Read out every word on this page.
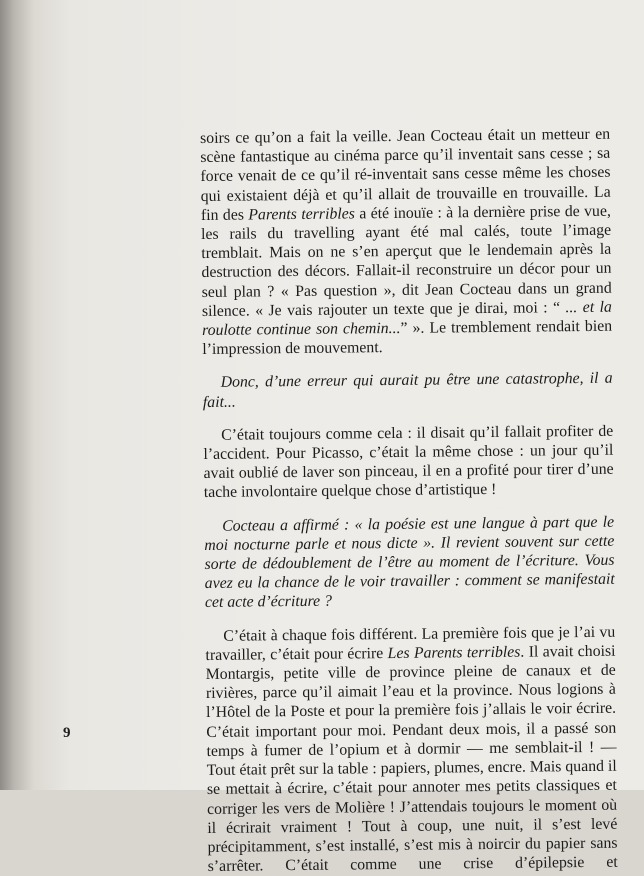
soirs ce qu’on a fait la veille. Jean Cocteau était un metteur en scène fantastique au cinéma parce qu’il inventait sans cesse ; sa force venait de ce qu’il ré-inventait sans cesse même les choses qui existaient déjà et qu’il allait de trouvaille en trouvaille. La fin des Parents terribles a été inouïe : à la dernière prise de vue, les rails du travelling ayant été mal calés, toute l’image tremblait. Mais on ne s’en aperçut que le lendemain après la destruction des décors. Fallait-il reconstruire un décor pour un seul plan ? « Pas question », dit Jean Cocteau dans un grand silence. « Je vais rajouter un texte que je dirai, moi : “ ... et la roulotte continue son chemin...” ». Le tremblement rendait bien l’impression de mouvement.

Donc, d’une erreur qui aurait pu être une catastrophe, il a fait...

C’était toujours comme cela : il disait qu’il fallait profiter de l’accident. Pour Picasso, c’était la même chose : un jour qu’il avait oublié de laver son pinceau, il en a profité pour tirer d’une tache involontaire quelque chose d’artistique !

Cocteau a affirmé : « la poésie est une langue à part que le moi nocturne parle et nous dicte ». Il revient souvent sur cette sorte de dédoublement de l’être au moment de l’écriture. Vous avez eu la chance de le voir travailler : comment se manifestait cet acte d’écriture ?

C’était à chaque fois différent. La première fois que je l’ai vu travailler, c’était pour écrire Les Parents terribles. Il avait choisi Montargis, petite ville de province pleine de canaux et de rivières, parce qu’il aimait l’eau et la province. Nous logions à l’Hôtel de la Poste et pour la première fois j’allais le voir écrire. C’était important pour moi. Pendant deux mois, il a passé son temps à fumer de l’opium et à dormir — me semblait-il ! — Tout était prêt sur la table : papiers, plumes, encre. Mais quand il se mettait à écrire, c’était pour annoter mes petits classiques et corriger les vers de Molière ! J’attendais toujours le moment où il écrirait vraiment ! Tout à coup, une nuit, il s’est levé précipitamment, s’est installé, s’est mis à noircir du papier sans s’arrêter. C’était comme une crise d’épilepsie et

9
